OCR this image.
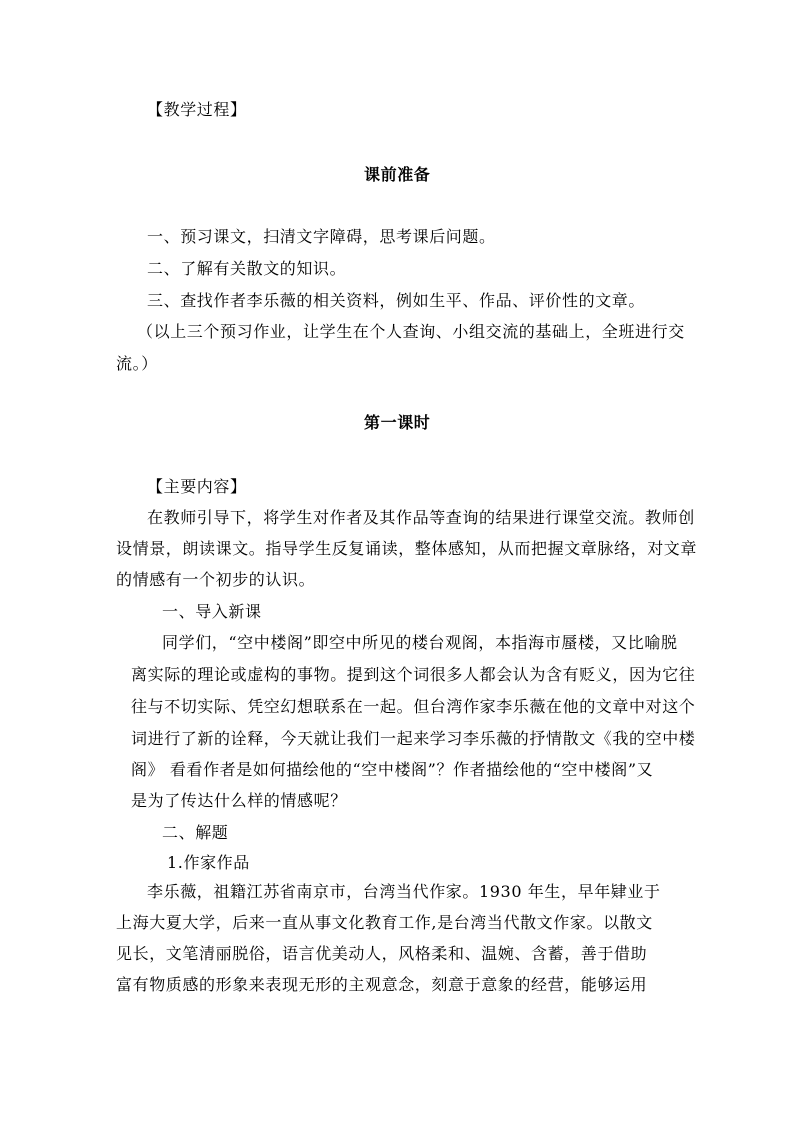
【教学过程】
课前准备
一、预习课文，扫清文字障碍，思考课后问题。
二、了解有关散文的知识。
三、查找作者李乐薇的相关资料，例如生平、作品、评价性的文章。
（以上三个预习作业，让学生在个人查询、小组交流的基础上，全班进行交
流。）
第一课时
【主要内容】
在教师引导下，将学生对作者及其作品等查询的结果进行课堂交流。教师创
设情景，朗读课文。指导学生反复诵读，整体感知，从而把握文章脉络，对文章
的情感有一个初步的认识。
一、导入新课
同学们，“空中楼阁”即空中所见的楼台观阁，本指海市蜃楼，又比喻脱
离实际的理论或虚构的事物。提到这个词很多人都会认为含有贬义，因为它往
往与不切实际、凭空幻想联系在一起。但台湾作家李乐薇在他的文章中对这个
词进行了新的诠释，今天就让我们一起来学习李乐薇的抒情散文《我的空中楼
阁》 看看作者是如何描绘他的“空中楼阁”？作者描绘他的“空中楼阁”又
是为了传达什么样的情感呢？
二、解题
1.作家作品
李乐薇，祖籍江苏省南京市，台湾当代作家。1930 年生，早年肄业于
上海大夏大学，后来一直从事文化教育工作,是台湾当代散文作家。以散文
见长，文笔清丽脱俗，语言优美动人，风格柔和、温婉、含蓄，善于借助
富有物质感的形象来表现无形的主观意念，刻意于意象的经营，能够运用
